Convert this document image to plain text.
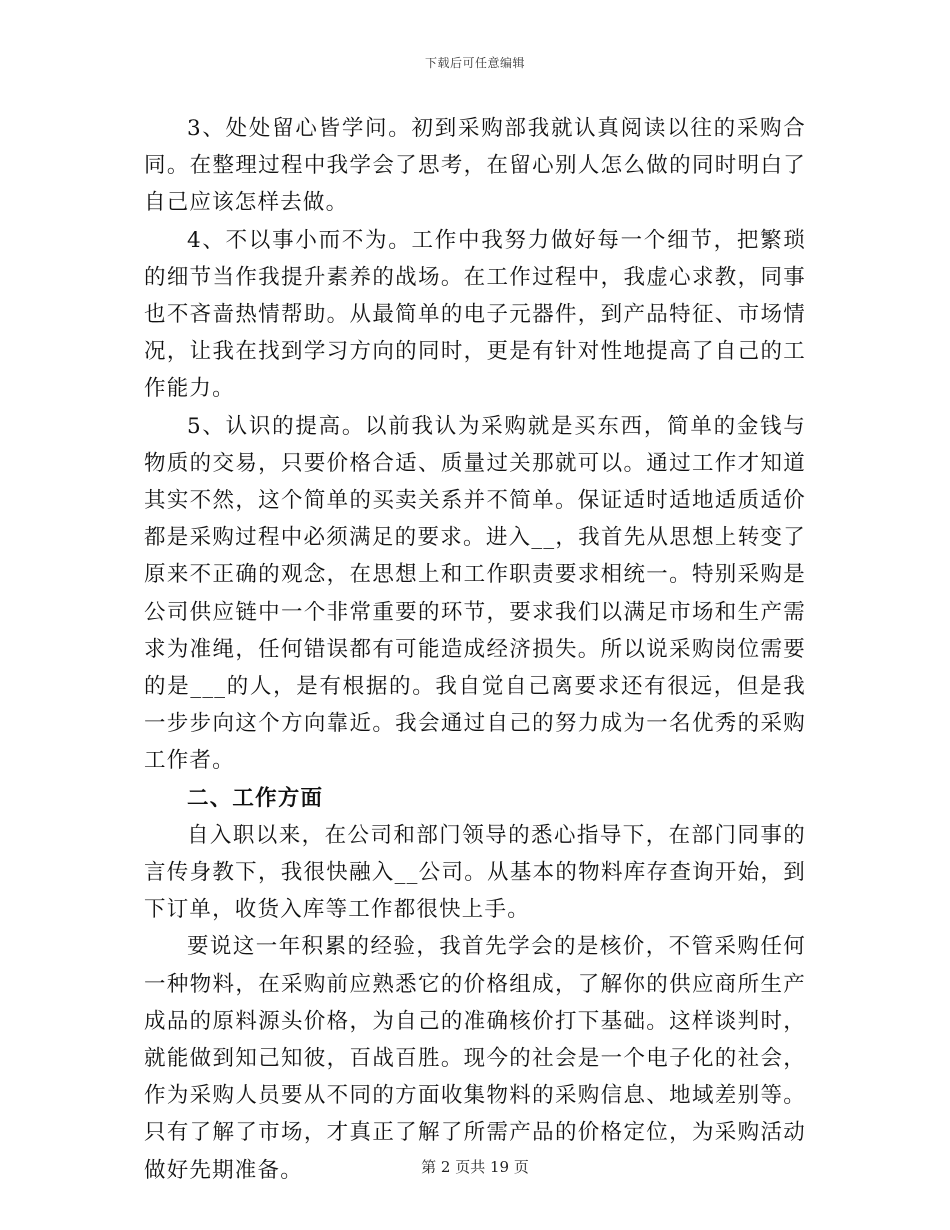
下载后可任意编辑

3、处处留心皆学问。初到采购部我就认真阅读以往的采购合同。在整理过程中我学会了思考，在留心别人怎么做的同时明白了自己应该怎样去做。

4、不以事小而不为。工作中我努力做好每一个细节，把繁琐的细节当作我提升素养的战场。在工作过程中，我虚心求教，同事也不吝啬热情帮助。从最简单的电子元器件，到产品特征、市场情况，让我在找到学习方向的同时，更是有针对性地提高了自己的工作能力。

5、认识的提高。以前我认为采购就是买东西，简单的金钱与物质的交易，只要价格合适、质量过关那就可以。通过工作才知道其实不然，这个简单的买卖关系并不简单。保证适时适地适质适价都是采购过程中必须满足的要求。进入__，我首先从思想上转变了原来不正确的观念，在思想上和工作职责要求相统一。特别采购是公司供应链中一个非常重要的环节，要求我们以满足市场和生产需求为准绳，任何错误都有可能造成经济损失。所以说采购岗位需要的是___的人，是有根据的。我自觉自己离要求还有很远，但是我一步步向这个方向靠近。我会通过自己的努力成为一名优秀的采购工作者。

二、工作方面

自入职以来，在公司和部门领导的悉心指导下，在部门同事的言传身教下，我很快融入__公司。从基本的物料库存查询开始，到下订单，收货入库等工作都很快上手。

要说这一年积累的经验，我首先学会的是核价，不管采购任何一种物料，在采购前应熟悉它的价格组成，了解你的供应商所生产成品的原料源头价格，为自己的准确核价打下基础。这样谈判时，就能做到知己知彼，百战百胜。现今的社会是一个电子化的社会，作为采购人员要从不同的方面收集物料的采购信息、地域差别等。只有了解了市场，才真正了解了所需产品的价格定位，为采购活动做好先期准备。	第 2 页共 19 页
